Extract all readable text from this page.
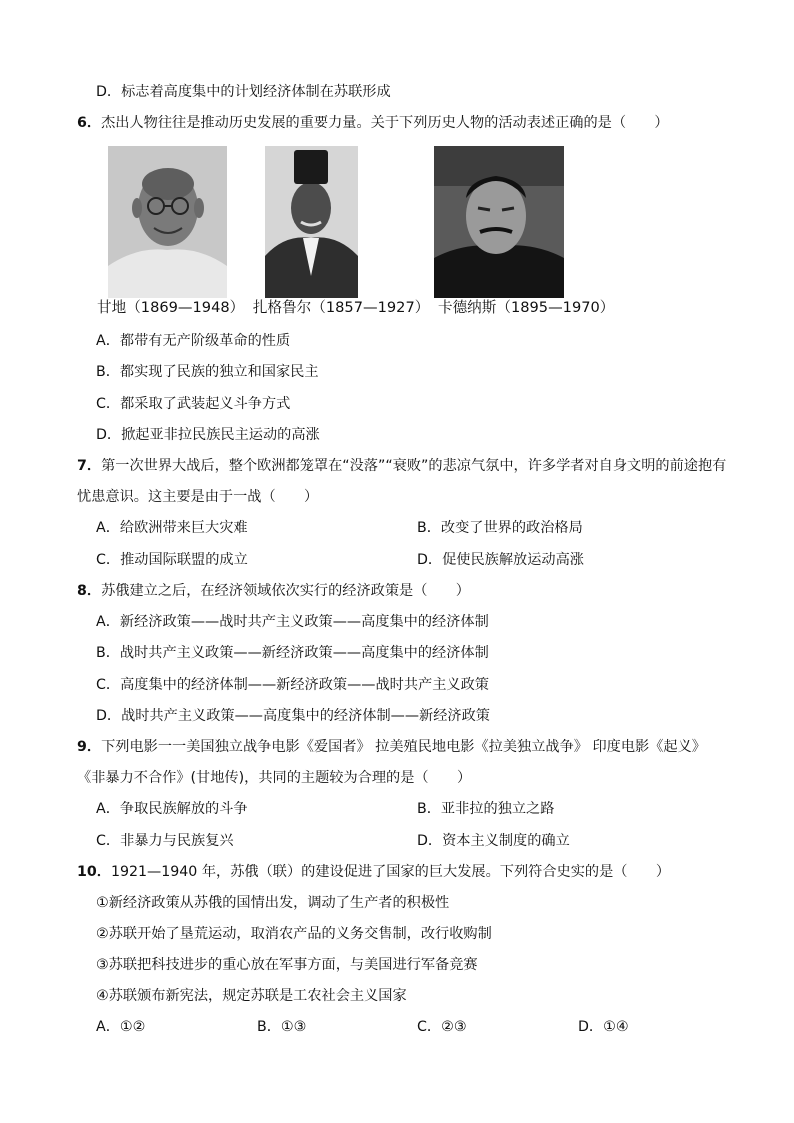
D．标志着高度集中的计划经济体制在苏联形成
6．杰出人物往往是推动历史发展的重要力量。关于下列历史人物的活动表述正确的是（　　）
甘地（1869—1948） 扎格鲁尔（1857—1927） 卡德纳斯（1895—1970）
A．都带有无产阶级革命的性质
B．都实现了民族的独立和国家民主
C．都采取了武装起义斗争方式
D．掀起亚非拉民族民主运动的高涨
7．第一次世界大战后，整个欧洲都笼罩在“没落”“衰败”的悲凉气氛中，许多学者对自身文明的前途抱有
忧患意识。这主要是由于一战（　　）
A．给欧洲带来巨大灾难	B．改变了世界的政治格局
C．推动国际联盟的成立	D．促使民族解放运动高涨
8．苏俄建立之后，在经济领域依次实行的经济政策是（　　）
A．新经济政策——战时共产主义政策——高度集中的经济体制
B．战时共产主义政策——新经济政策——高度集中的经济体制
C．高度集中的经济体制——新经济政策——战时共产主义政策
D．战时共产主义政策——高度集中的经济体制——新经济政策
9．下列电影一一美国独立战争电影《爱国者》 拉美殖民地电影《拉美独立战争》 印度电影《起义》
《非暴力不合作》(甘地传)，共同的主题较为合理的是（　　）
A．争取民族解放的斗争	B．亚非拉的独立之路
C．非暴力与民族复兴	D．资本主义制度的确立
10．1921—1940 年，苏俄（联）的建设促进了国家的巨大发展。下列符合史实的是（　　）
①新经济政策从苏俄的国情出发，调动了生产者的积极性
②苏联开始了垦荒运动，取消农产品的义务交售制，改行收购制
③苏联把科技进步的重心放在军事方面，与美国进行军备竞赛
④苏联颁布新宪法，规定苏联是工农社会主义国家
A．①②	B．①③	C．②③	D．①④
